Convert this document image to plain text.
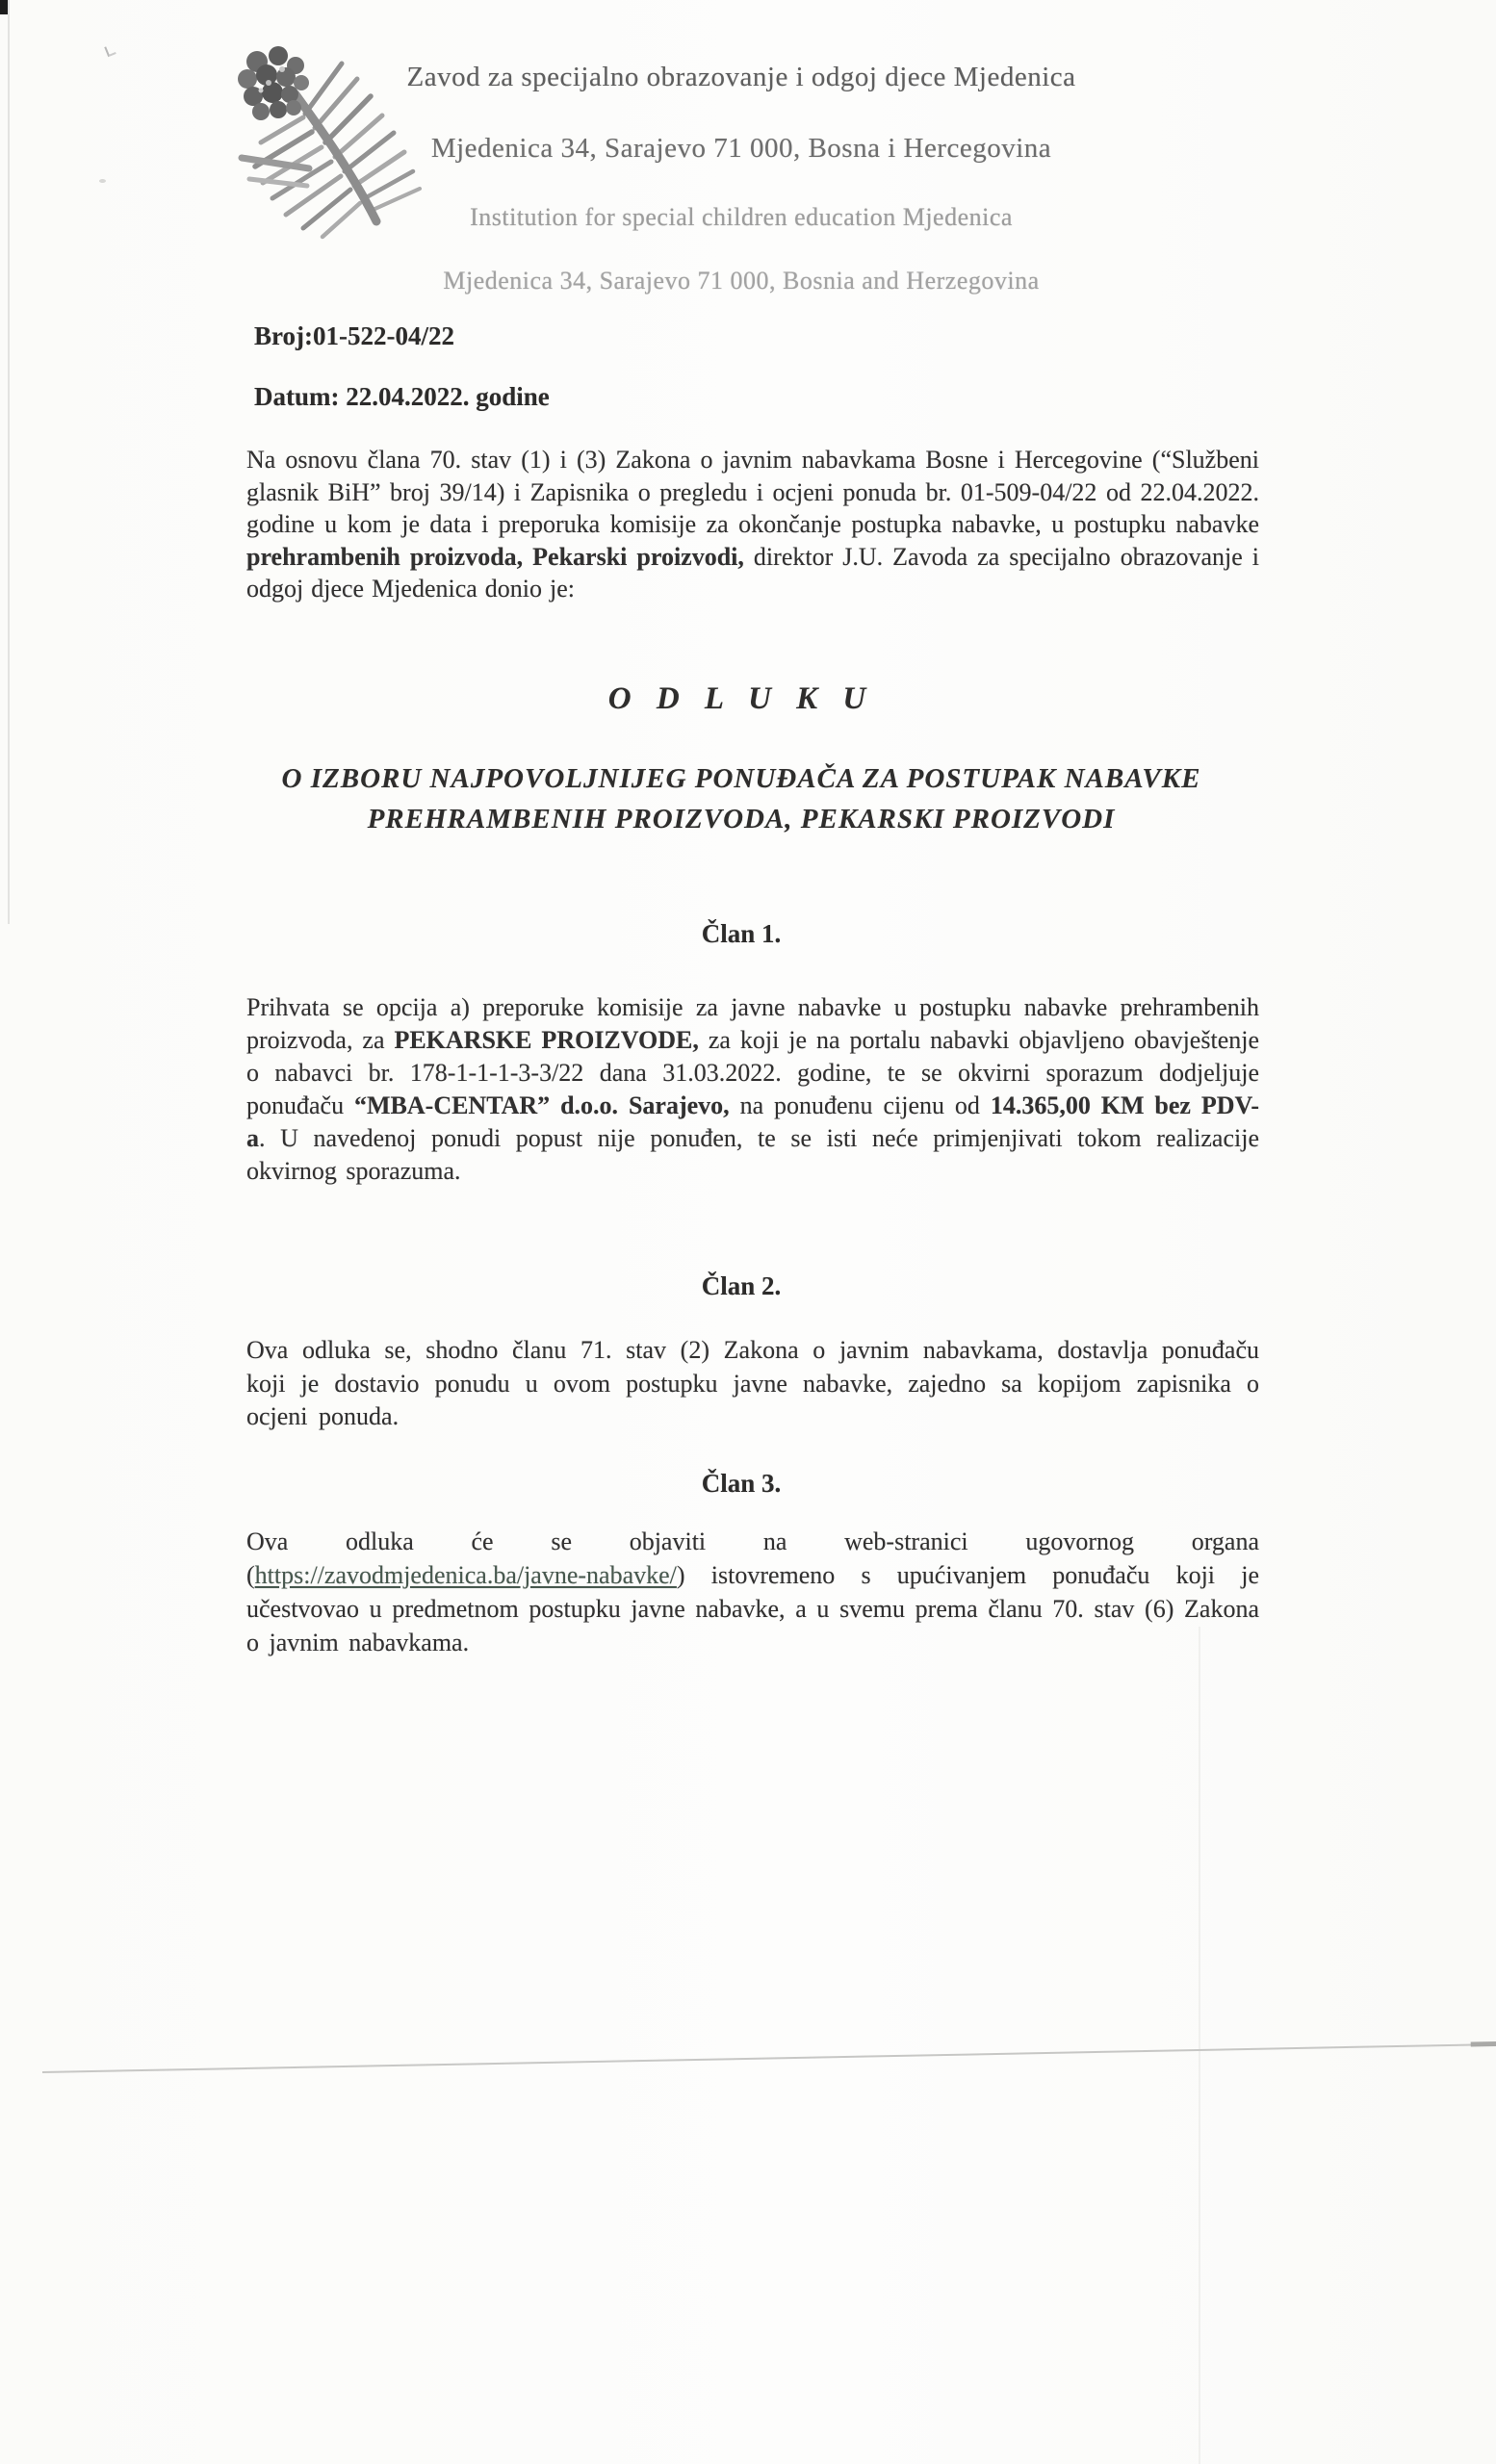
Zavod za specijalno obrazovanje i odgoj djece Mjedenica
Mjedenica 34, Sarajevo 71 000, Bosna i Hercegovina
Institution for special children education Mjedenica
Mjedenica 34, Sarajevo 71 000, Bosnia and Herzegovina
Broj:01-522-04/22
Datum: 22.04.2022. godine

Na osnovu člana 70. stav (1) i (3) Zakona o javnim nabavkama Bosne i Hercegovine (“Službeni glasnik BiH” broj 39/14) i Zapisnika o pregledu i ocjeni ponuda br. 01-509-04/22 od 22.04.2022. godine u kom je data i preporuka komisije za okončanje postupka nabavke, u postupku nabavke prehrambenih proizvoda, Pekarski proizvodi, direktor J.U. Zavoda za specijalno obrazovanje i odgoj djece Mjedenica donio je:

O D L U K U
O IZBORU NAJPOVOLJNIJEG PONUĐAČA ZA POSTUPAK NABAVKE
PREHRAMBENIH PROIZVODA, PEKARSKI PROIZVODI
Član 1.

Prihvata se opcija a) preporuke komisije za javne nabavke u postupku nabavke prehrambenih proizvoda, za PEKARSKE PROIZVODE, za koji je na portalu nabavki objavljeno obavještenje o nabavci br. 178-1-1-1-3-3/22 dana 31.03.2022. godine, te se okvirni sporazum dodjeljuje ponuđaču “MBA-CENTAR” d.o.o. Sarajevo, na ponuđenu cijenu od 14.365,00 KM bez PDV-a. U navedenoj ponudi popust nije ponuđen, te se isti neće primjenjivati tokom realizacije okvirnog sporazuma.

Član 2.

Ova odluka se, shodno članu 71. stav (2) Zakona o javnim nabavkama, dostavlja ponuđaču koji je dostavio ponudu u ovom postupku javne nabavke, zajedno sa kopijom zapisnika o ocjeni ponuda.

Član 3.

Ova odluka će se objaviti na web-stranici ugovornog organa (https://zavodmjedenica.ba/javne-nabavke/) istovremeno s upućivanjem ponuđaču koji je učestvovao u predmetnom postupku javne nabavke, a u svemu prema članu 70. stav (6) Zakona o javnim nabavkama.
